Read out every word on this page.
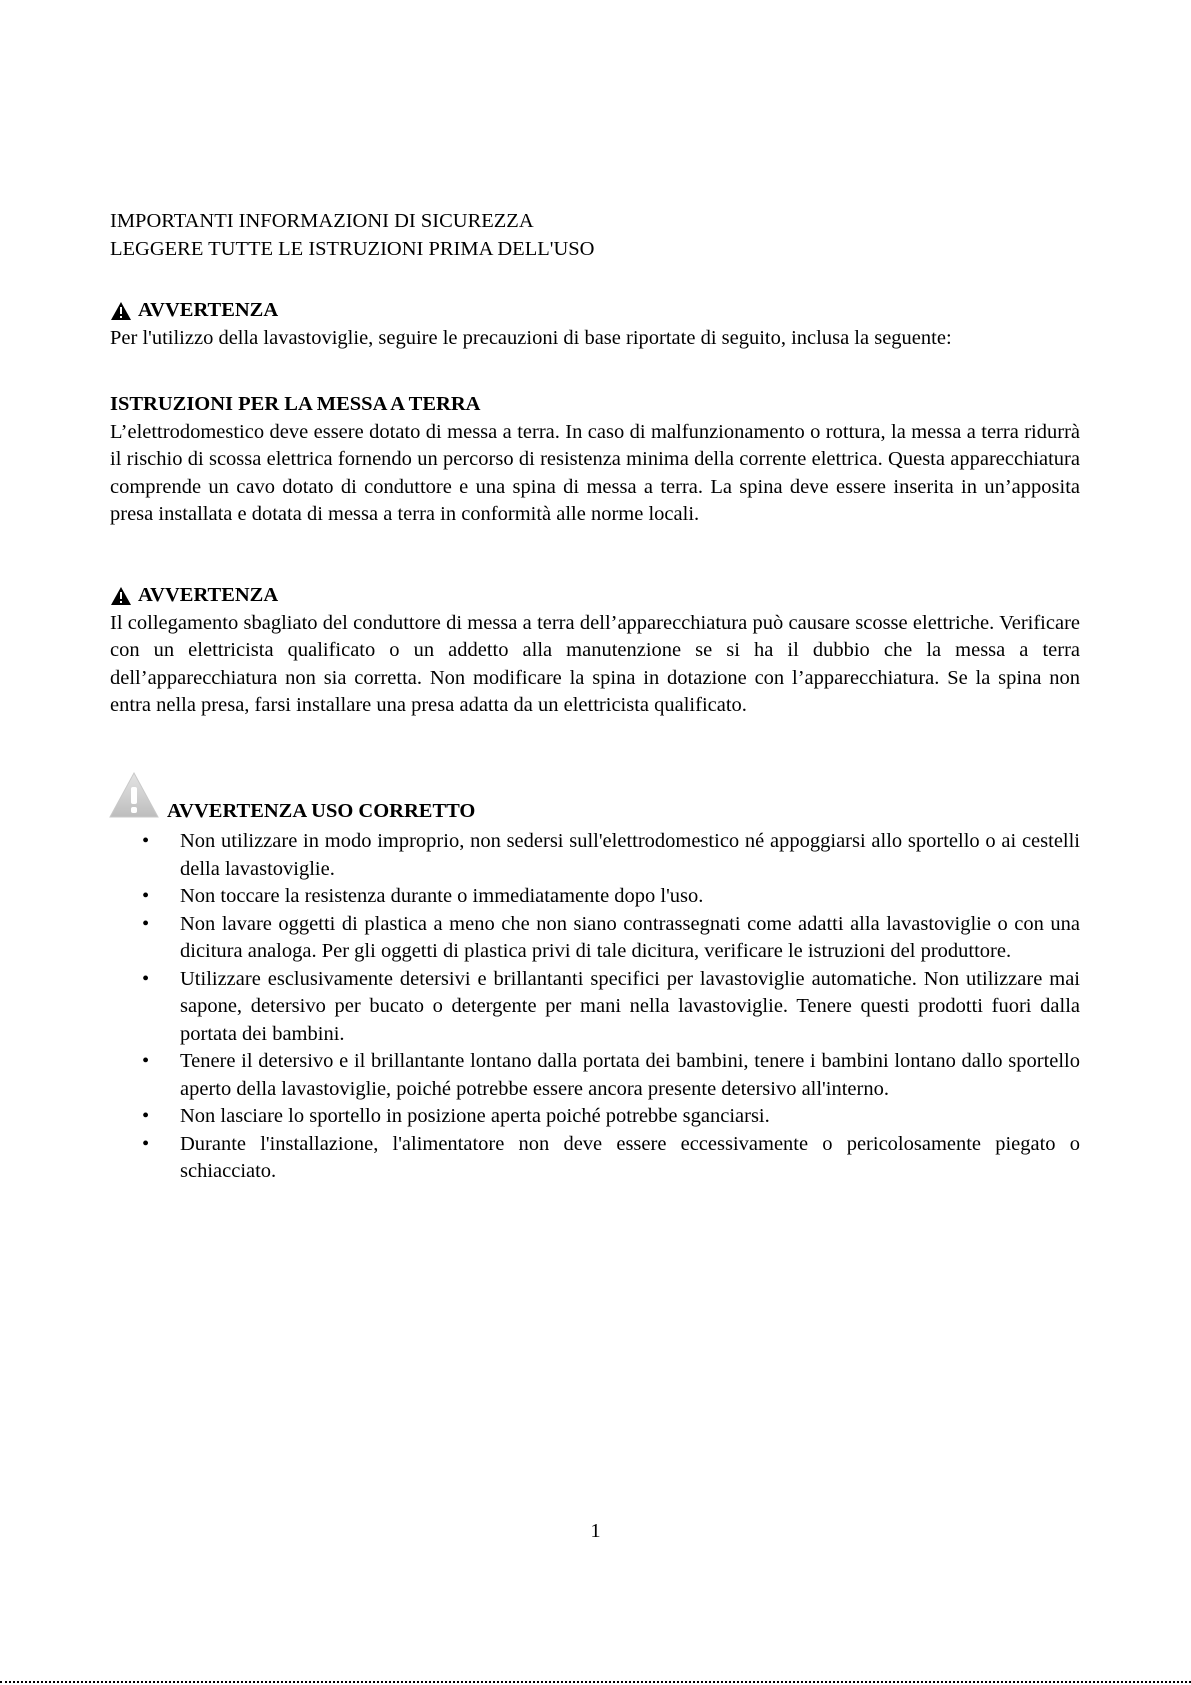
IMPORTANTI INFORMAZIONI DI SICUREZZA
LEGGERE TUTTE LE ISTRUZIONI PRIMA DELL'USO
AVVERTENZA
Per l'utilizzo della lavastoviglie, seguire le precauzioni di base riportate di seguito, inclusa la seguente:
ISTRUZIONI PER LA MESSA A TERRA
L’elettrodomestico deve essere dotato di messa a terra. In caso di malfunzionamento o rottura, la messa a terra ridurrà il rischio di scossa elettrica fornendo un percorso di resistenza minima della corrente elettrica. Questa apparecchiatura comprende un cavo dotato di conduttore e una spina di messa a terra. La spina deve essere inserita in un’apposita presa installata e dotata di messa a terra in conformità alle norme locali.
AVVERTENZA
Il collegamento sbagliato del conduttore di messa a terra dell’apparecchiatura può causare scosse elettriche. Verificare con un elettricista qualificato o un addetto alla manutenzione se si ha il dubbio che la messa a terra dell’apparecchiatura non sia corretta. Non modificare la spina in dotazione con l’apparecchiatura. Se la spina non entra nella presa, farsi installare una presa adatta da un elettricista qualificato.
AVVERTENZA USO CORRETTO
• Non utilizzare in modo improprio, non sedersi sull'elettrodomestico né appoggiarsi allo sportello o ai cestelli della lavastoviglie.
• Non toccare la resistenza durante o immediatamente dopo l'uso.
• Non lavare oggetti di plastica a meno che non siano contrassegnati come adatti alla lavastoviglie o con una dicitura analoga. Per gli oggetti di plastica privi di tale dicitura, verificare le istruzioni del produttore.
• Utilizzare esclusivamente detersivi e brillantanti specifici per lavastoviglie automatiche. Non utilizzare mai sapone, detersivo per bucato o detergente per mani nella lavastoviglie. Tenere questi prodotti fuori dalla portata dei bambini.
• Tenere il detersivo e il brillantante lontano dalla portata dei bambini, tenere i bambini lontano dallo sportello aperto della lavastoviglie, poiché potrebbe essere ancora presente detersivo all'interno.
• Non lasciare lo sportello in posizione aperta poiché potrebbe sganciarsi.
• Durante l'installazione, l'alimentatore non deve essere eccessivamente o pericolosamente piegato o schiacciato.
1
